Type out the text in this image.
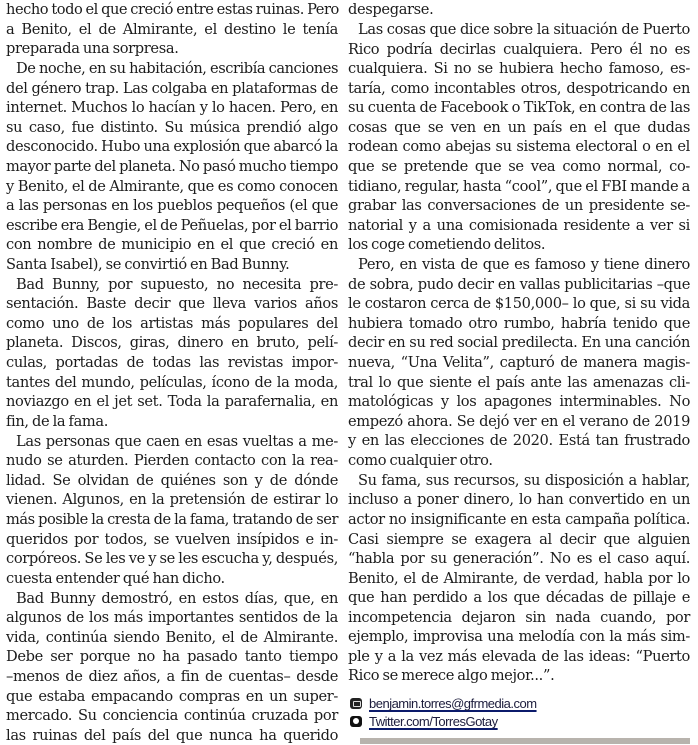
hecho todo el que creció entre estas ruinas. Pero
a Benito, el de Almirante, el destino le tenía
preparada una sorpresa.
De noche, en su habitación, escribía canciones
del género trap. Las colgaba en plataformas de
internet. Muchos lo hacían y lo hacen. Pero, en
su caso, fue distinto. Su música prendió algo
desconocido. Hubo una explosión que abarcó la
mayor parte del planeta. No pasó mucho tiempo
y Benito, el de Almirante, que es como conocen
a las personas en los pueblos pequeños (el que
escribe era Bengie, el de Peñuelas, por el barrio
con nombre de municipio en el que creció en
Santa Isabel), se convirtió en Bad Bunny.
Bad Bunny, por supuesto, no necesita pre-
sentación. Baste decir que lleva varios años
como uno de los artistas más populares del
planeta. Discos, giras, dinero en bruto, pelí-
culas, portadas de todas las revistas impor-
tantes del mundo, películas, ícono de la moda,
noviazgo en el jet set. Toda la parafernalia, en
fin, de la fama.
Las personas que caen en esas vueltas a me-
nudo se aturden. Pierden contacto con la rea-
lidad. Se olvidan de quiénes son y de dónde
vienen. Algunos, en la pretensión de estirar lo
más posible la cresta de la fama, tratando de ser
queridos por todos, se vuelven insípidos e in-
corpóreos. Se les ve y se les escucha y, después,
cuesta entender qué han dicho.
Bad Bunny demostró, en estos días, que, en
algunos de los más importantes sentidos de la
vida, continúa siendo Benito, el de Almirante.
Debe ser porque no ha pasado tanto tiempo
–menos de diez años, a fin de cuentas– desde
que estaba empacando compras en un super-
mercado. Su conciencia continúa cruzada por
las ruinas del país del que nunca ha querido
despegarse.
Las cosas que dice sobre la situación de Puerto
Rico podría decirlas cualquiera. Pero él no es
cualquiera. Si no se hubiera hecho famoso, es-
taría, como incontables otros, despotricando en
su cuenta de Facebook o TikTok, en contra de las
cosas que se ven en un país en el que dudas
rodean como abejas su sistema electoral o en el
que se pretende que se vea como normal, co-
tidiano, regular, hasta “cool”, que el FBI mande a
grabar las conversaciones de un presidente se-
natorial y a una comisionada residente a ver si
los coge cometiendo delitos.
Pero, en vista de que es famoso y tiene dinero
de sobra, pudo decir en vallas publicitarias –que
le costaron cerca de $150,000– lo que, si su vida
hubiera tomado otro rumbo, habría tenido que
decir en su red social predilecta. En una canción
nueva, “Una Velita”, capturó de manera magis-
tral lo que siente el país ante las amenazas cli-
matológicas y los apagones interminables. No
empezó ahora. Se dejó ver en el verano de 2019
y en las elecciones de 2020. Está tan frustrado
como cualquier otro.
Su fama, sus recursos, su disposición a hablar,
incluso a poner dinero, lo han convertido en un
actor no insignificante en esta campaña política.
Casi siempre se exagera al decir que alguien
“habla por su generación”. No es el caso aquí.
Benito, el de Almirante, de verdad, habla por lo
que han perdido a los que décadas de pillaje e
incompetencia dejaron sin nada cuando, por
ejemplo, improvisa una melodía con la más sim-
ple y a la vez más elevada de las ideas: “Puerto
Rico se merece algo mejor...”.
benjamin.torres@gfrmedia.com
Twitter.com/TorresGotay
